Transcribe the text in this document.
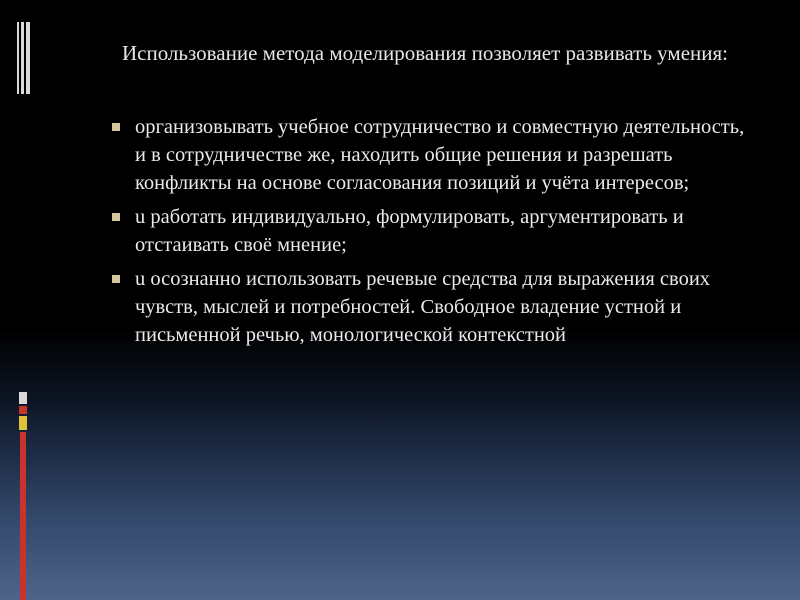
Использование метода моделирования позволяет развивать умения:
организовывать учебное сотрудничество и совместную деятельность, и в сотрудничестве же, находить общие решения и разрешать конфликты на основе согласования позиций и учёта интересов;
u работать индивидуально, формулировать, аргументировать и отстаивать своё мнение;
u осознанно использовать речевые средства для выражения своих чувств, мыслей и потребностей. Свободное владение устной и письменной речью, монологической контекстной
